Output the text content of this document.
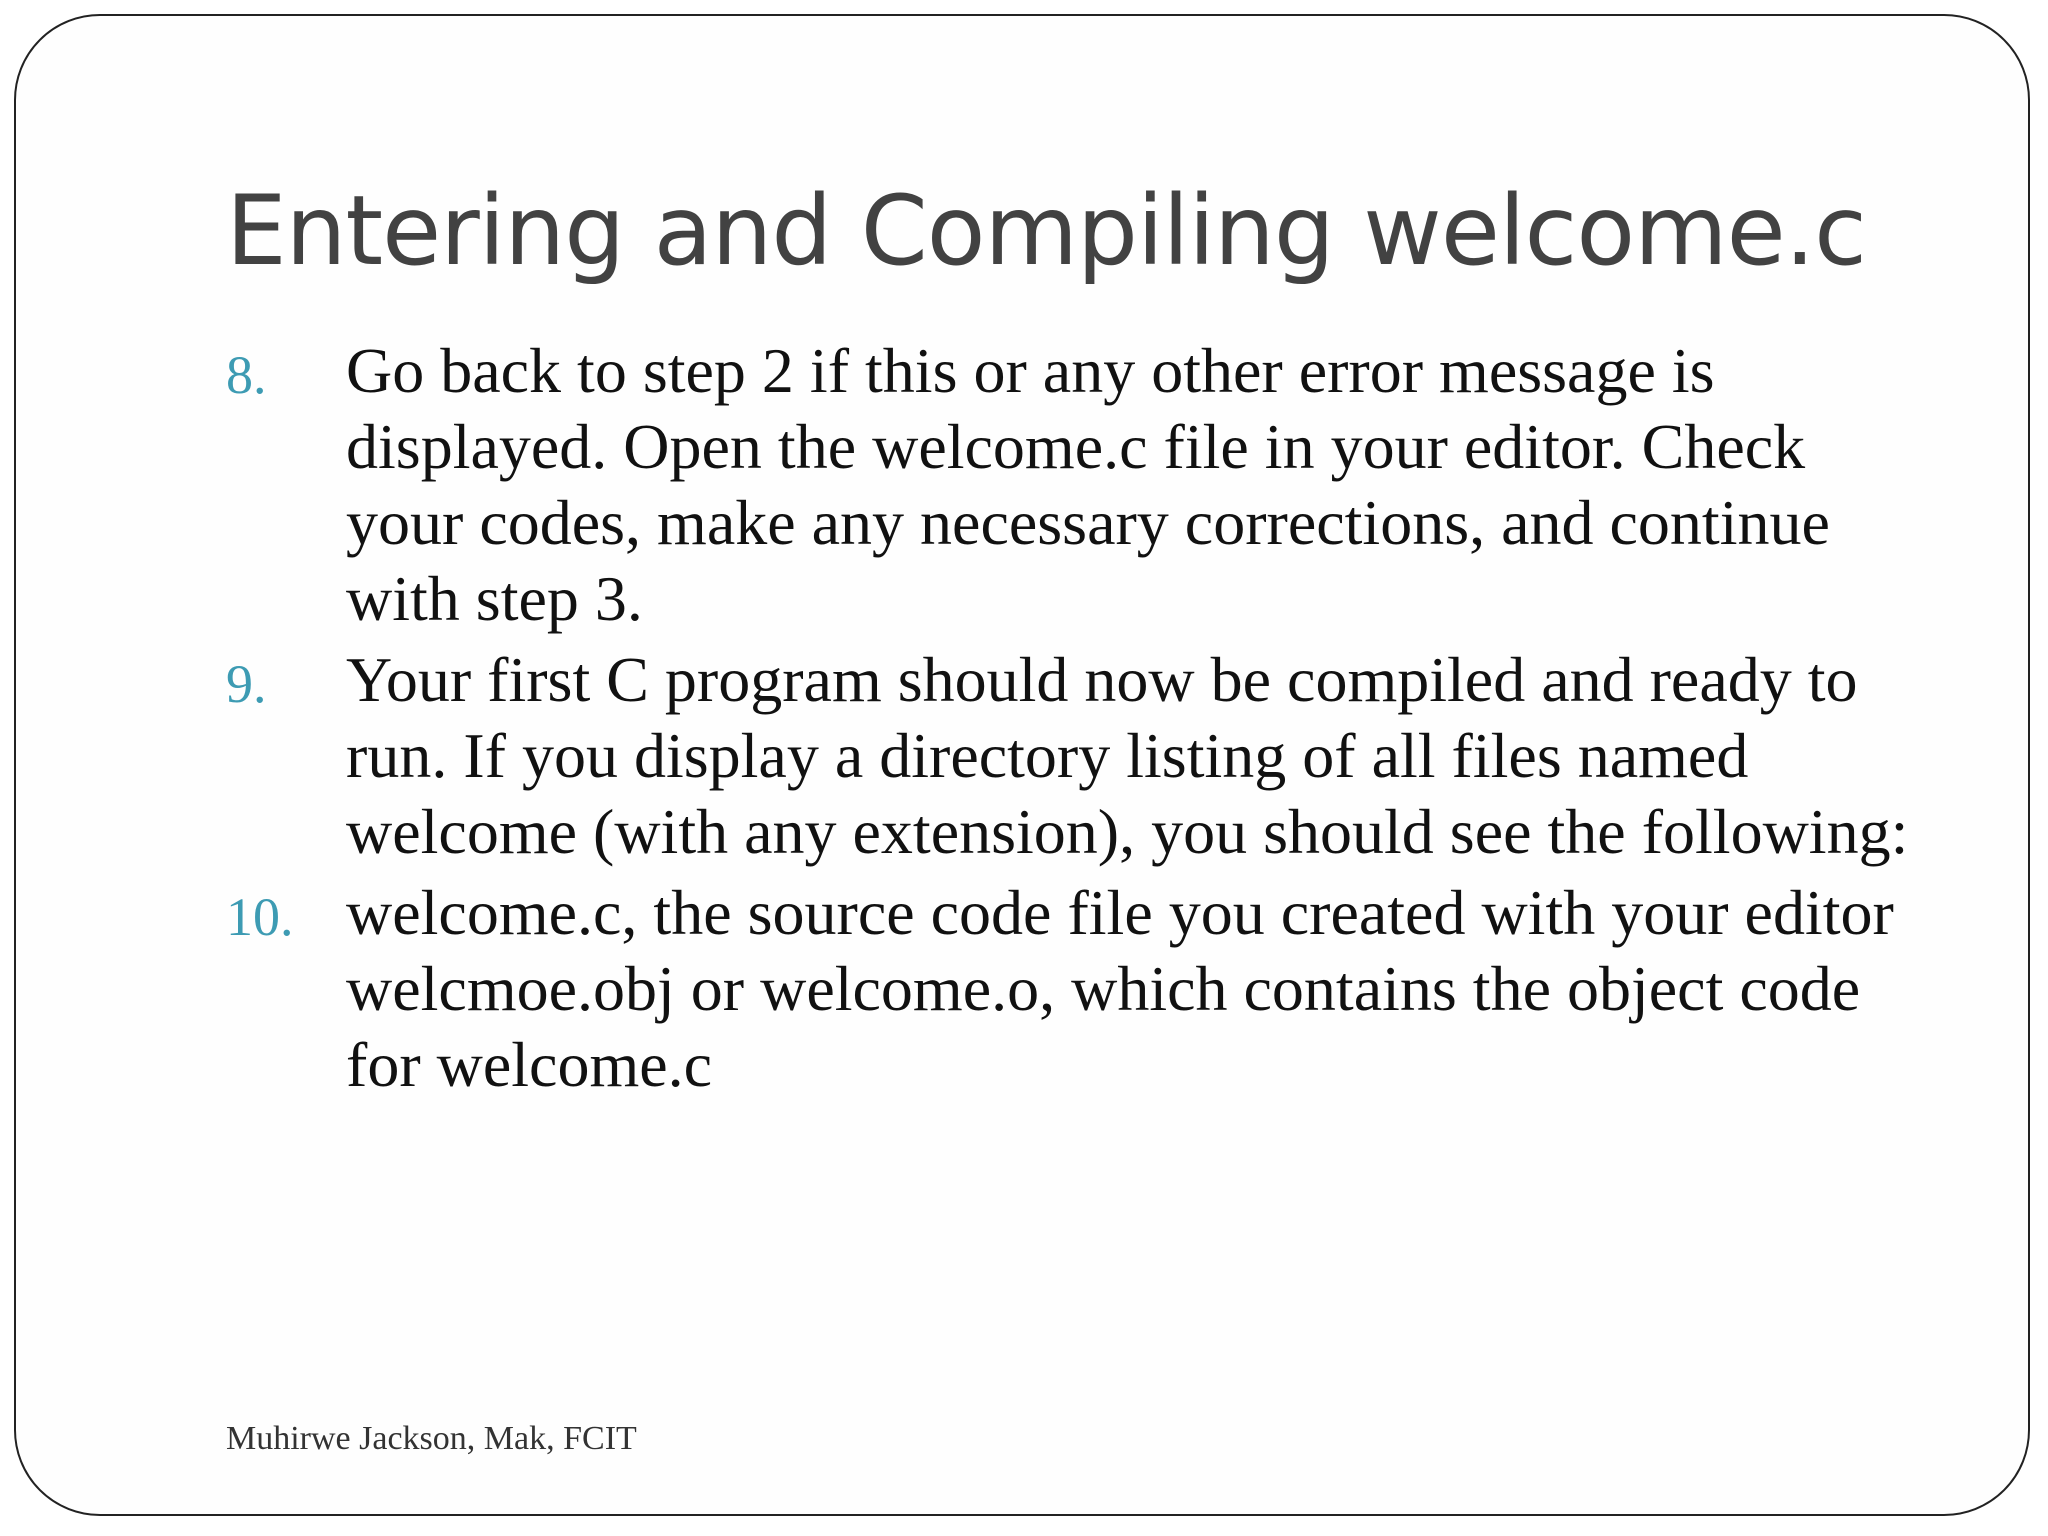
Entering and Compiling welcome.c
8. Go back to step 2 if this or any other error message is displayed. Open the welcome.c file in your editor. Check your codes, make any necessary corrections, and continue with step 3.
9. Your first C program should now be compiled and ready to run. If you display a directory listing of all files named welcome (with any extension), you should see the following:
10. welcome.c, the source code file you created with your editor welcmoe.obj or welcome.o, which contains the object code for welcome.c
Muhirwe Jackson, Mak, FCIT
